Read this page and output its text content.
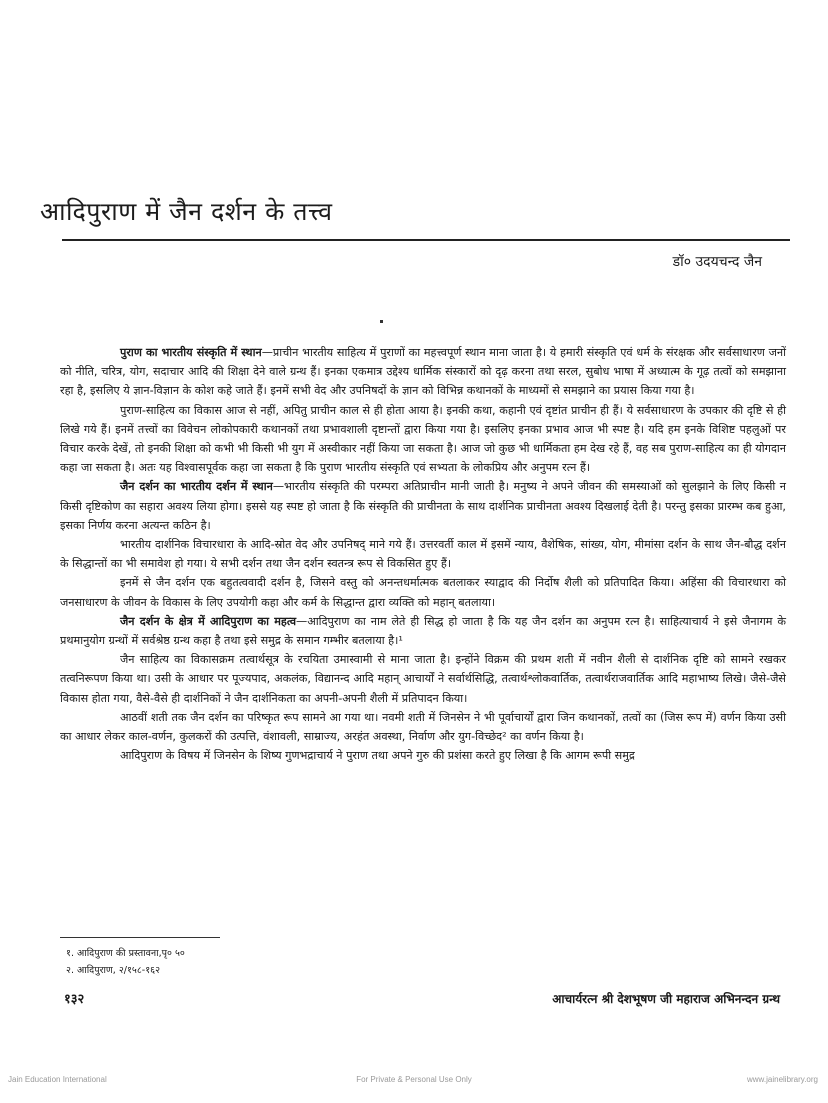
आदिपुराण में जैन दर्शन के तत्त्व
डॉ० उदयचन्द जैन

पुराण का भारतीय संस्कृति में स्थान—प्राचीन भारतीय साहित्य में पुराणों का महत्त्वपूर्ण स्थान माना जाता है। ये हमारी संस्कृति एवं धर्म के संरक्षक और सर्वसाधारण जनों को नीति, चरित्र, योग, सदाचार आदि की शिक्षा देने वाले ग्रन्थ हैं। इनका एकमात्र उद्देश्य धार्मिक संस्कारों को दृढ़ करना तथा सरल, सुबोध भाषा में अध्यात्म के गूढ़ तत्वों को समझाना रहा है, इसलिए ये ज्ञान-विज्ञान के कोश कहे जाते हैं। इनमें सभी वेद और उपनिषदों के ज्ञान को विभिन्न कथानकों के माध्यमों से समझाने का प्रयास किया गया है।

पुराण-साहित्य का विकास आज से नहीं, अपितु प्राचीन काल से ही होता आया है। इनकी कथा, कहानी एवं दृष्टांत प्राचीन ही हैं। ये सर्वसाधारण के उपकार की दृष्टि से ही लिखे गये हैं। इनमें तत्त्वों का विवेचन लोकोपकारी कथानकों तथा प्रभावशाली दृष्टान्तों द्वारा किया गया है। इसलिए इनका प्रभाव आज भी स्पष्ट है। यदि हम इनके विशिष्ट पहलुओं पर विचार करके देखें, तो इनकी शिक्षा को कभी भी किसी भी युग में अस्वीकार नहीं किया जा सकता है। आज जो कुछ भी धार्मिकता हम देख रहे हैं, वह सब पुराण-साहित्य का ही योगदान कहा जा सकता है। अतः यह विश्वासपूर्वक कहा जा सकता है कि पुराण भारतीय संस्कृति एवं सभ्यता के लोकप्रिय और अनुपम रत्न हैं।

जैन दर्शन का भारतीय दर्शन में स्थान—भारतीय संस्कृति की परम्परा अतिप्राचीन मानी जाती है। मनुष्य ने अपने जीवन की समस्याओं को सुलझाने के लिए किसी न किसी दृष्टिकोण का सहारा अवश्य लिया होगा। इससे यह स्पष्ट हो जाता है कि संस्कृति की प्राचीनता के साथ दार्शनिक प्राचीनता अवश्य दिखलाई देती है। परन्तु इसका प्रारम्भ कब हुआ, इसका निर्णय करना अत्यन्त कठिन है।

भारतीय दार्शनिक विचारधारा के आदि-स्रोत वेद और उपनिषद् माने गये हैं। उत्तरवर्ती काल में इसमें न्याय, वैशेषिक, सांख्य, योग, मीमांसा दर्शन के साथ जैन-बौद्ध दर्शन के सिद्धान्तों का भी समावेश हो गया। ये सभी दर्शन तथा जैन दर्शन स्वतन्त्र रूप से विकसित हुए हैं।

इनमें से जैन दर्शन एक बहुतत्ववादी दर्शन है, जिसने वस्तु को अनन्तधर्मात्मक बतलाकर स्याद्वाद की निर्दोष शैली को प्रतिपादित किया। अहिंसा की विचारधारा को जनसाधारण के जीवन के विकास के लिए उपयोगी कहा और कर्म के सिद्धान्त द्वारा व्यक्ति को महान् बतलाया।

जैन दर्शन के क्षेत्र में आदिपुराण का महत्व—आदिपुराण का नाम लेते ही सिद्ध हो जाता है कि यह जैन दर्शन का अनुपम रत्न है। साहित्याचार्य ने इसे जैनागम के प्रथमानुयोग ग्रन्थों में सर्वश्रेष्ठ ग्रन्थ कहा है तथा इसे समुद्र के समान गम्भीर बतलाया है।¹

जैन साहित्य का विकासक्रम तत्वार्थसूत्र के रचयिता उमास्वामी से माना जाता है। इन्होंने विक्रम की प्रथम शती में नवीन शैली से दार्शनिक दृष्टि को सामने रखकर तत्वनिरूपण किया था। उसी के आधार पर पूज्यपाद, अकलंक, विद्यानन्द आदि महान् आचार्यों ने सर्वार्थसिद्धि, तत्वार्थश्लोकवार्तिक, तत्वार्थराजवार्तिक आदि महाभाष्य लिखे। जैसे-जैसे विकास होता गया, वैसे-वैसे ही दार्शनिकों ने जैन दार्शनिकता का अपनी-अपनी शैली में प्रतिपादन किया।

आठवीं शती तक जैन दर्शन का परिष्कृत रूप सामने आ गया था। नवमी शती में जिनसेन ने भी पूर्वाचार्यों द्वारा जिन कथानकों, तत्वों का (जिस रूप में) वर्णन किया उसी का आधार लेकर काल-वर्णन, कुलकरों की उत्पत्ति, वंशावली, साम्राज्य, अरहंत अवस्था, निर्वाण और युग-विच्छेद² का वर्णन किया है।

आदिपुराण के विषय में जिनसेन के शिष्य गुणभद्राचार्य ने पुराण तथा अपने गुरु की प्रशंसा करते हुए लिखा है कि आगम रूपी समुद्र

१. आदिपुराण की प्रस्तावना,पृ० ५०
२. आदिपुराण, २/१५८-१६२
१३२	आचार्यरत्न श्री देशभूषण जी महाराज अभिनन्दन ग्रन्थ
Jain Education International	For Private & Personal Use Only	www.jainelibrary.org
